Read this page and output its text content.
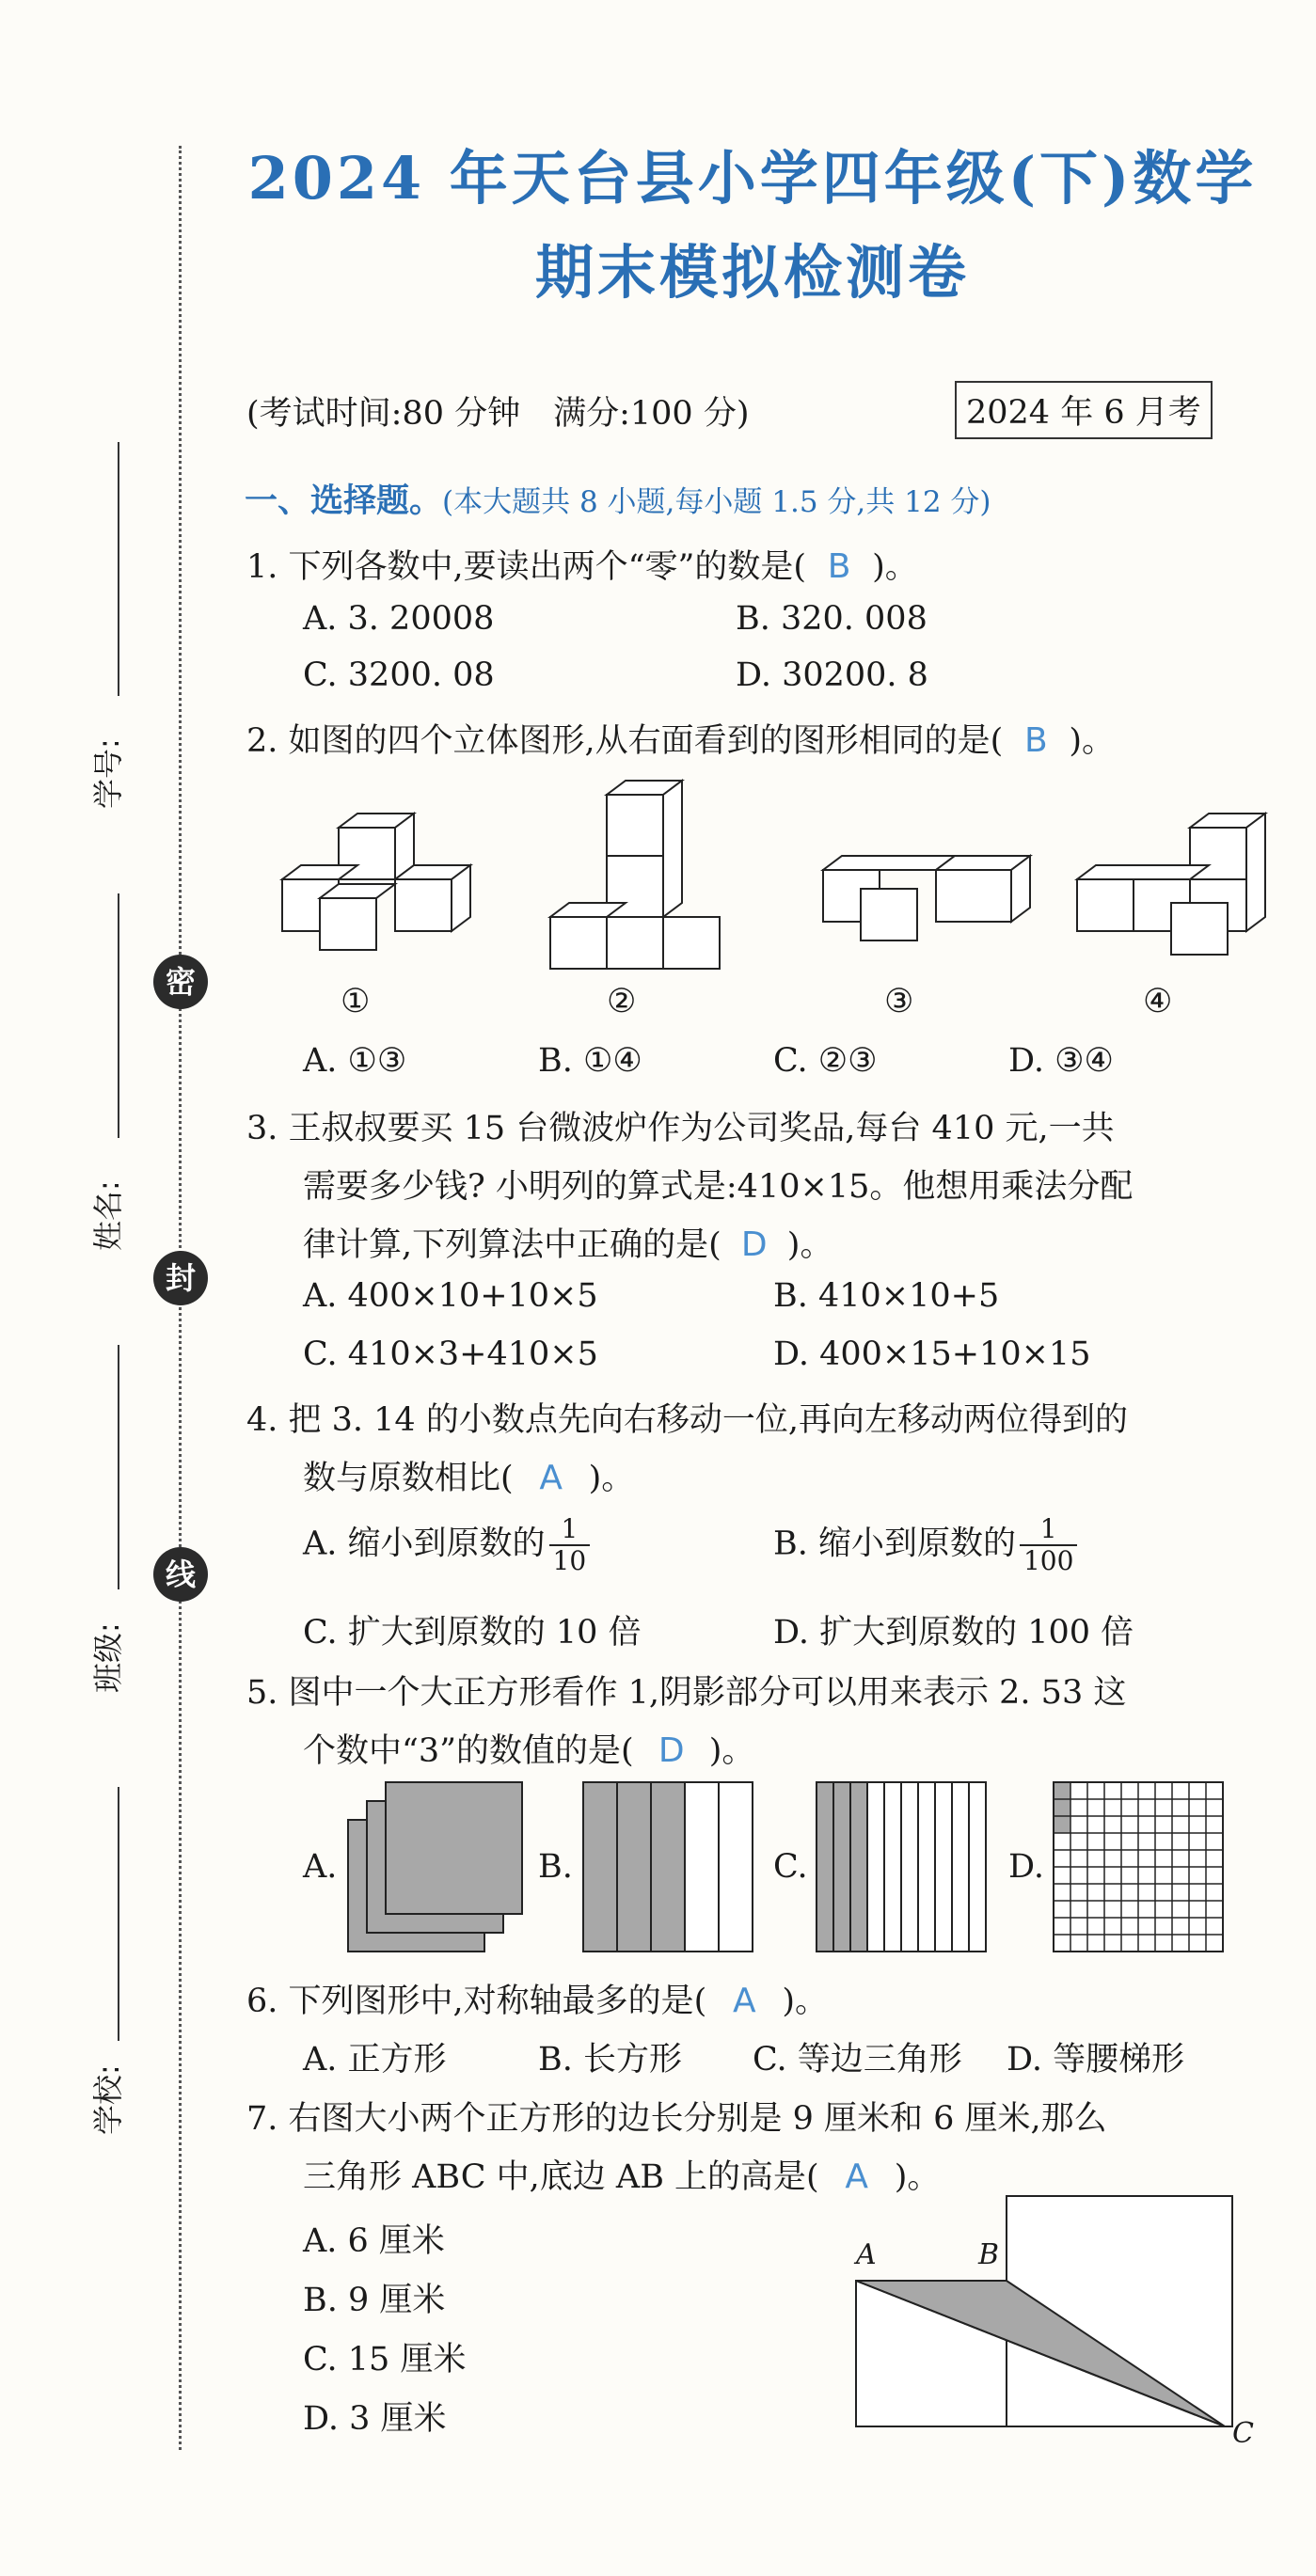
密
封
线
学号:
姓名:
班级:
学校:
2024 年天台县小学四年级(下)数学
期末模拟检测卷
(考试时间:80 分钟　满分:100 分)	2024 年 6 月考
一、选择题。(本大题共 8 小题,每小题 1.5 分,共 12 分)
1. 下列各数中,要读出两个“零”的数是( B )。
A. 3. 20008	B. 320. 008
C. 3200. 08	D. 30200. 8
2. 如图的四个立体图形,从右面看到的图形相同的是( B )。
①	②	③	④
A. ①③	B. ①④	C. ②③	D. ③④
3. 王叔叔要买 15 台微波炉作为公司奖品,每台 410 元,一共
需要多少钱? 小明列的算式是:410×15。他想用乘法分配
律计算,下列算法中正确的是( D )。
A. 400×10+10×5	B. 410×10+5
C. 410×3+410×5	D. 400×15+10×15
4. 把 3. 14 的小数点先向右移动一位,再向左移动两位得到的
数与原数相比( A )。
A. 缩小到原数的 $\frac{1}{10}$	B. 缩小到原数的 $\frac{1}{100}$
C. 扩大到原数的 10 倍	D. 扩大到原数的 100 倍
5. 图中一个大正方形看作 1,阴影部分可以用来表示 2. 53 这
个数中“3”的数值的是( D )。
A.	B.	C.	D.
6. 下列图形中,对称轴最多的是( A )。
A. 正方形	B. 长方形 C. 等边三角形 D. 等腰梯形
7. 右图大小两个正方形的边长分别是 9 厘米和 6 厘米,那么
三角形 ABC 中,底边 AB 上的高是( A )。
A. 6 厘米
B. 9 厘米
C. 15 厘米
D. 3 厘米
A	B
C
